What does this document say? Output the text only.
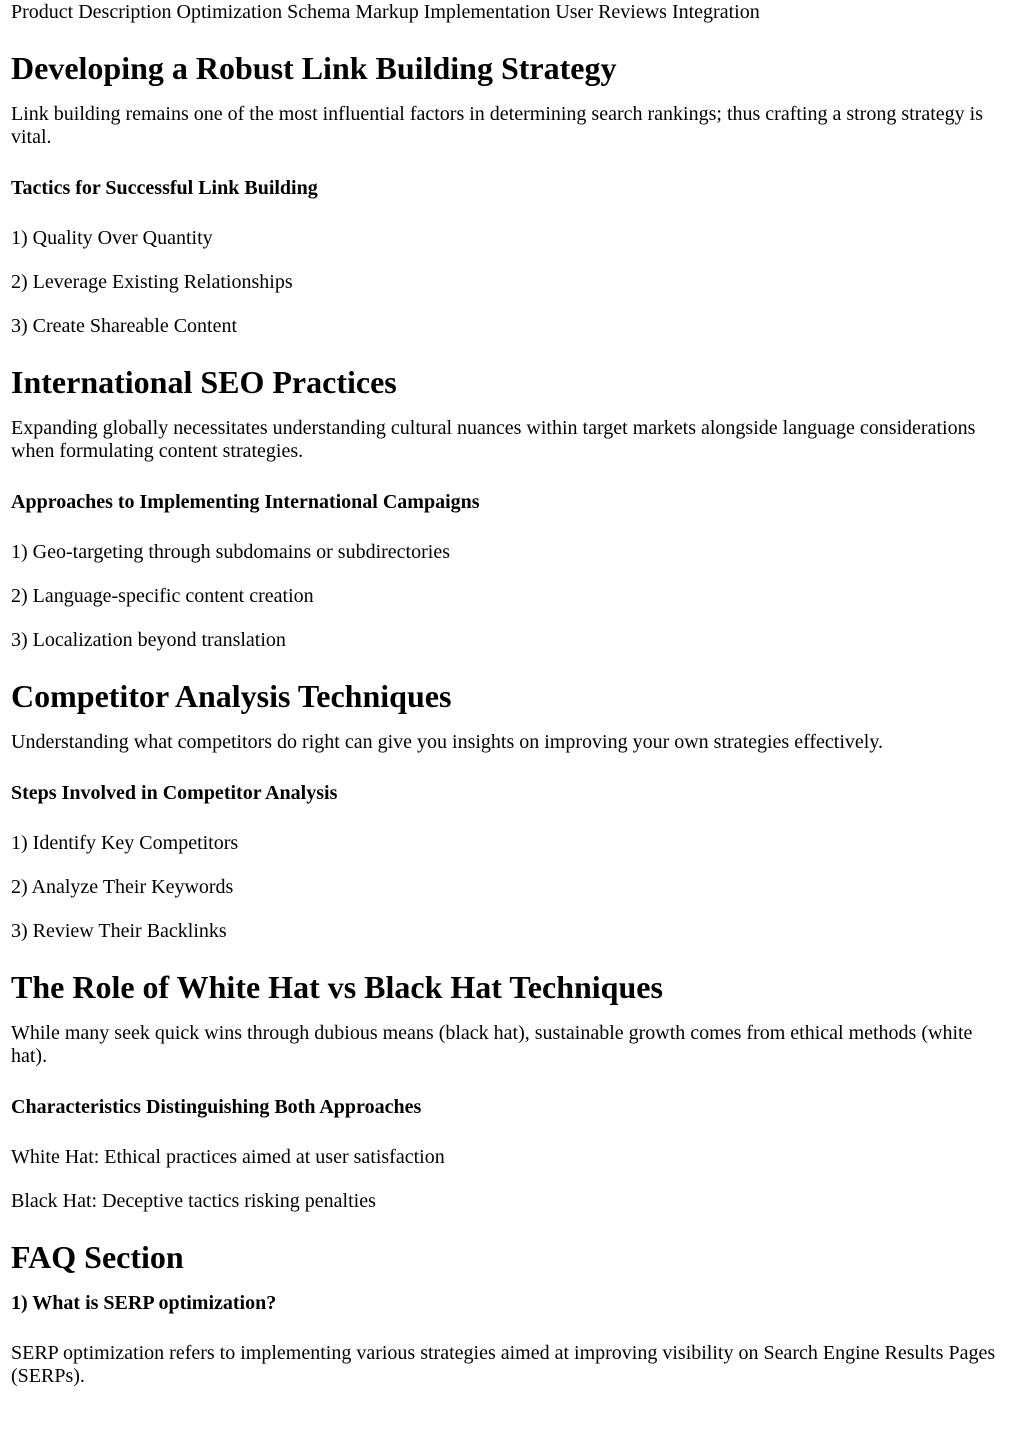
Product Description Optimization Schema Markup Implementation User Reviews Integration

Developing a Robust Link Building Strategy

Link building remains one of the most influential factors in determining search rankings; thus crafting a strong strategy is vital.

Tactics for Successful Link Building

1) Quality Over Quantity

2) Leverage Existing Relationships

3) Create Shareable Content

International SEO Practices

Expanding globally necessitates understanding cultural nuances within target markets alongside language considerations when formulating content strategies.

Approaches to Implementing International Campaigns

1) Geo-targeting through subdomains or subdirectories

2) Language-specific content creation

3) Localization beyond translation

Competitor Analysis Techniques

Understanding what competitors do right can give you insights on improving your own strategies effectively.

Steps Involved in Competitor Analysis

1) Identify Key Competitors

2) Analyze Their Keywords

3) Review Their Backlinks

The Role of White Hat vs Black Hat Techniques

While many seek quick wins through dubious means (black hat), sustainable growth comes from ethical methods (white hat).

Characteristics Distinguishing Both Approaches

White Hat: Ethical practices aimed at user satisfaction

Black Hat: Deceptive tactics risking penalties

FAQ Section
1) What is SERP optimization?

SERP optimization refers to implementing various strategies aimed at improving visibility on Search Engine Results Pages (SERPs).
